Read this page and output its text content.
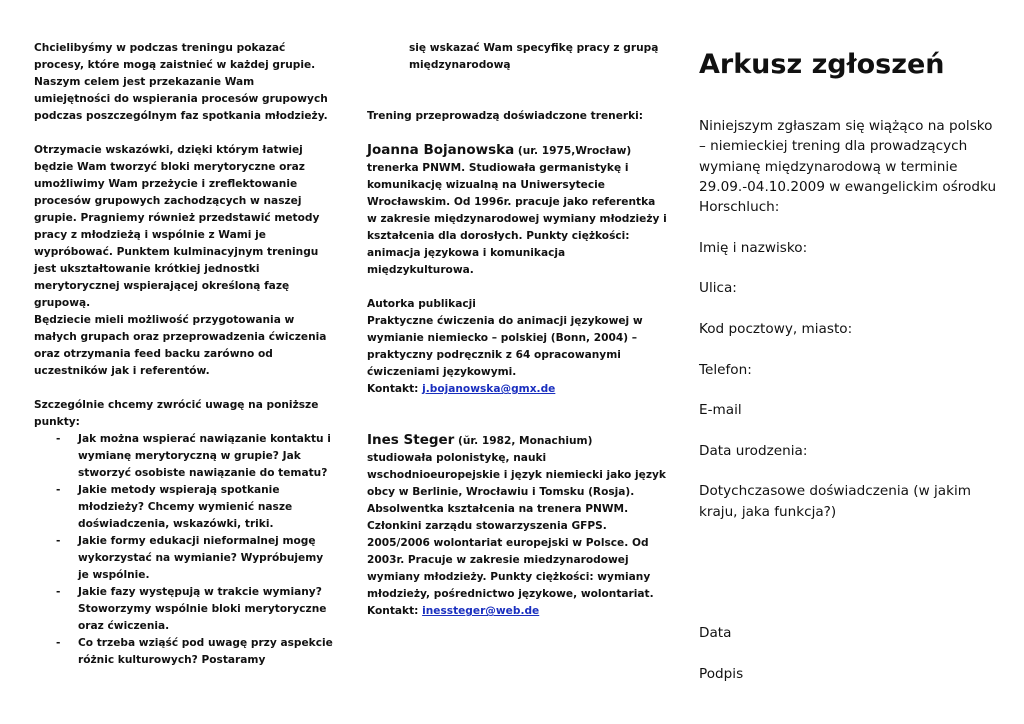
Chcielibyśmy w podczas treningu pokazać procesy, które mogą zaistnieć w każdej grupie. Naszym celem jest przekazanie Wam umiejętności do wspierania procesów grupowych podczas poszczególnym faz spotkania młodzieży.

Otrzymacie wskazówki, dzięki którym łatwiej będzie Wam tworzyć bloki merytoryczne oraz umożliwimy Wam przeżycie i zreflektowanie procesów grupowych zachodzących w naszej grupie. Pragniemy również przedstawić metody pracy z młodzieżą i wspólnie z Wami je wypróbować. Punktem kulminacyjnym treningu jest ukształtowanie krótkiej jednostki merytorycznej wspierającej określoną fazę grupową.

Będziecie mieli możliwość przygotowania w małych grupach oraz przeprowadzenia ćwiczenia oraz otrzymania feed backu zarówno od uczestników jak i referentów.

Szczególnie chcemy zwrócić uwagę na poniższe punkty:

- Jak można wspierać nawiązanie kontaktu i wymianę merytoryczną w grupie? Jak stworzyć osobiste nawiązanie do tematu?
- Jakie metody wspierają spotkanie młodzieży? Chcemy wymienić nasze doświadczenia, wskazówki, triki.
- Jakie formy edukacji nieformalnej mogę wykorzystać na wymianie? Wypróbujemy je wspólnie.
- Jakie fazy występują w trakcie wymiany? Stoworzymy wspólnie bloki merytoryczne oraz ćwiczenia.
- Co trzeba wziąść pod uwagę przy aspekcie różnic kulturowych? Postaramy

się wskazać Wam specyfikę pracy z grupą międzynarodową

Trening przeprowadzą doświadczone trenerki:

Joanna Bojanowska (ur. 1975,Wrocław)
trenerka PNWM. Studiowała germanistykę i komunikację wizualną na Uniwersytecie Wrocławskim. Od 1996r. pracuje jako referentka w zakresie międzynarodowej wymiany młodzieży i kształcenia dla dorosłych. Punkty ciężkości: animacja językowa i komunikacja międzykulturowa.

Autorka publikacji

Praktyczne ćwiczenia do animacji językowej w wymianie niemiecko – polskiej (Bonn, 2004) – praktyczny podręcznik z 64 opracowanymi ćwiczeniami językowymi.

Kontakt: j.bojanowska@gmx.de

Ines Steger (ŭr. 1982, Monachium)
studiowała polonistykę, nauki wschodnioeuropejskie i język niemiecki jako język obcy w Berlinie, Wrocławiu i Tomsku (Rosja). Absolwentka kształcenia na trenera PNWM.

Członkini zarządu stowarzyszenia GFPS. 2005/2006 wolontariat europejski w Polsce. Od 2003r. Pracuje w zakresie miedzynarodowej wymiany młodzieży. Punkty ciężkości: wymiany młodzieży, pośrednictwo językowe, wolontariat.

Kontakt: inessteger@web.de

Arkusz zgłoszeń

Niniejszym zgłaszam się wiążąco na polsko – niemieckiej trening dla prowadzących wymianę międzynarodową w terminie 29.09.-04.10.2009 w ewangelickim ośrodku Horschluch:

Imię i nazwisko:

Ulica:

Kod pocztowy, miasto:

Telefon:

E-mail

Data urodzenia:

Dotychczasowe doświadczenia (w jakim kraju, jaka funkcja?)

Data

Podpis
